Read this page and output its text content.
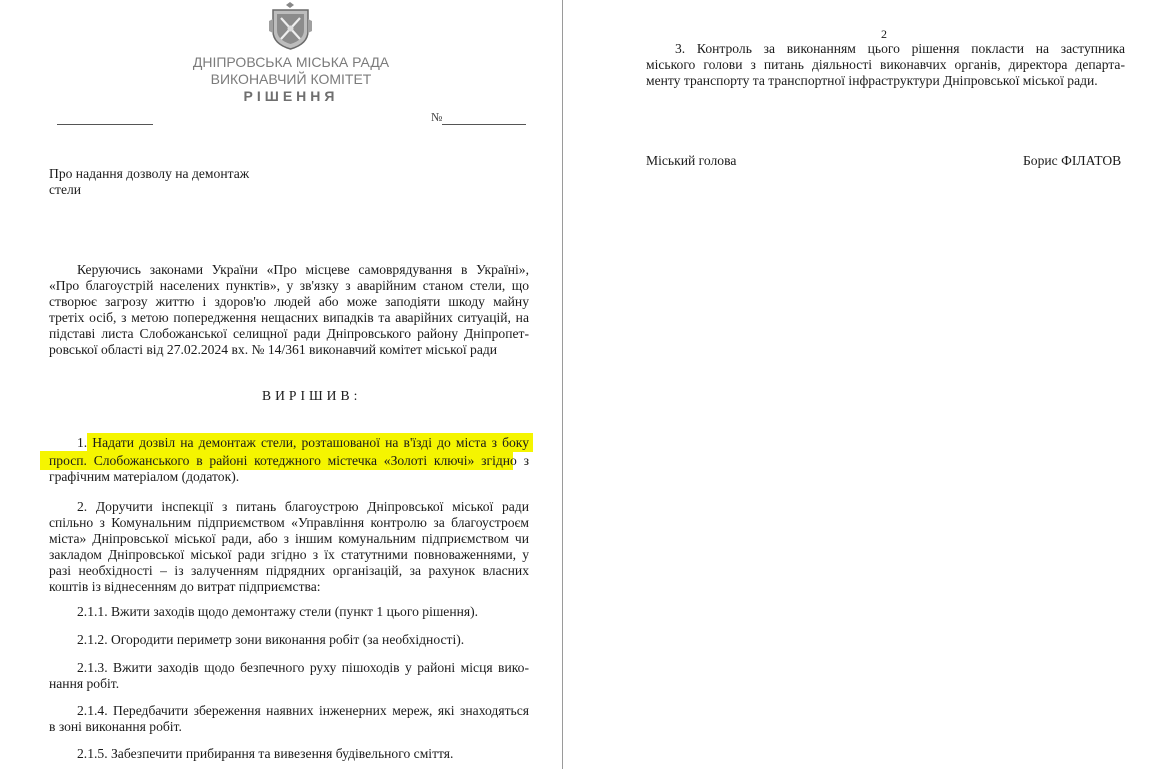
ДНІПРОВСЬКА МІСЬКА РАДА
ВИКОНАВЧИЙ КОМІТЕТ
РІШЕННЯ
№
Про надання дозволу на демонтаж
стели
Керуючись законами України «Про місцеве самоврядування в Україні»,
«Про благоустрій населених пунктів», у зв'язку з аварійним станом стели, що
створює загрозу життю і здоров'ю людей або може заподіяти шкоду майну
третіх осіб, з метою попередження нещасних випадків та аварійних ситуацій, на
підставі листа Слобожанської селищної ради Дніпровського району Дніпропет-
ровської області від 27.02.2024 вх. № 14/361 виконавчий комітет міської ради
ВИРІШИВ:
1. Надати дозвіл на демонтаж стели, розташованої на в'їзді до міста з боку
просп. Слобожанського в районі котеджного містечка «Золоті ключі» згідно з
графічним матеріалом (додаток).
2. Доручити інспекції з питань благоустрою Дніпровської міської ради
спільно з Комунальним підприємством «Управління контролю за благоустроєм
міста» Дніпровської міської ради, або з іншим комунальним підприємством чи
закладом Дніпровської міської ради згідно з їх статутними повноваженнями, у
разі необхідності – із залученням підрядних організацій, за рахунок власних
коштів із віднесенням до витрат підприємства:
2.1.1. Вжити заходів щодо демонтажу стели (пункт 1 цього рішення).
2.1.2. Огородити периметр зони виконання робіт (за необхідності).
2.1.3. Вжити заходів щодо безпечного руху пішоходів у районі місця вико-
нання робіт.
2.1.4. Передбачити збереження наявних інженерних мереж, які знаходяться
в зоні виконання робіт.
2.1.5. Забезпечити прибирання та вивезення будівельного сміття.
2
3. Контроль за виконанням цього рішення покласти на заступника
міського голови з питань діяльності виконавчих органів, директора департа-
менту транспорту та транспортної інфраструктури Дніпровської міської ради.
Міський голова	Борис ФІЛАТОВ
